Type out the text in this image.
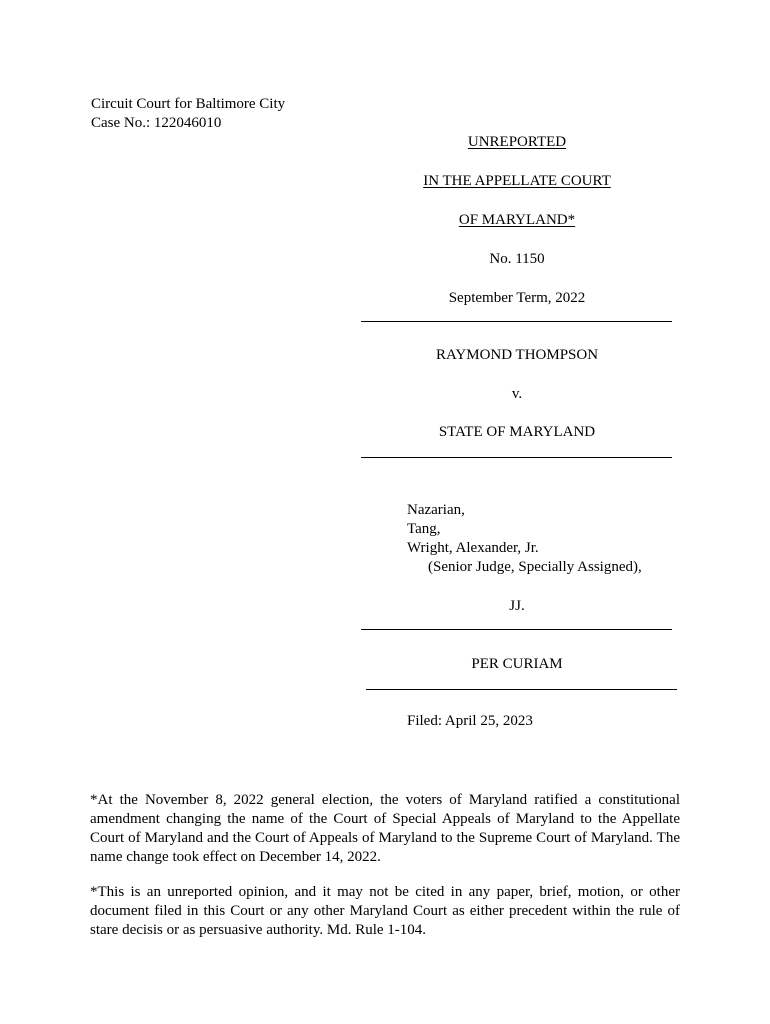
Circuit Court for Baltimore City
Case No.: 122046010
UNREPORTED
IN THE APPELLATE COURT
OF MARYLAND*
No. 1150
September Term, 2022
RAYMOND THOMPSON
v.
STATE OF MARYLAND
Nazarian,
Tang,
Wright, Alexander, Jr.
(Senior Judge, Specially Assigned),
JJ.
PER CURIAM
Filed: April 25, 2023
*At the November 8, 2022 general election, the voters of Maryland ratified a constitutional amendment changing the name of the Court of Special Appeals of Maryland to the Appellate Court of Maryland and the Court of Appeals of Maryland to the Supreme Court of Maryland. The name change took effect on December 14, 2022.
*This is an unreported opinion, and it may not be cited in any paper, brief, motion, or other document filed in this Court or any other Maryland Court as either precedent within the rule of stare decisis or as persuasive authority. Md. Rule 1-104.
